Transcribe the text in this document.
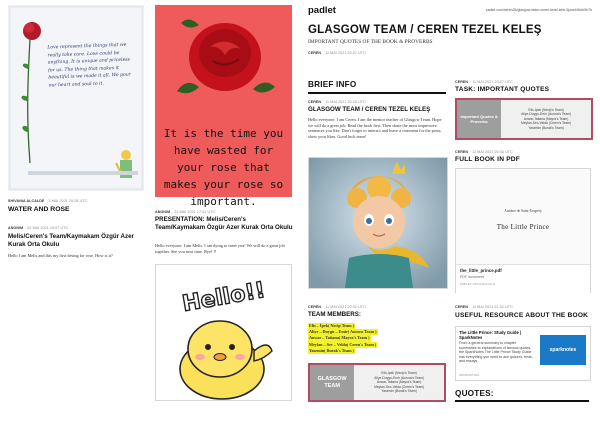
padlet	padlet.com/ceren25/glasgow-team-ceren-tezel-kele-5pzw4f4tzh5h7b
GLASGOW TEAM / CEREN TEZEL KELEŞ
IMPORTANT QUOTES OF THE BOOK & PROVERBS
CEREN 11 MAI 2021 20:27 UTC
Love represent the things that we really take care. Love could be anything. It is unique and priceless for us. The thing that makes it beautiful is we made it all. We pour our heart and soul to it.
SHIVANIA ALCALDE 3 MAI 2021 20:28 UTC
WATER AND ROSE
ANONIM 22 MAI 2021 19:07 UTC
Melis/Ceren's Team/Kaymakam Özgür Azer Kurak Orta Okulu
Hello I am Melis and this my first desing for rose. How is it?
It is the time you have wasted for your rose that makes your rose so important.
ANONIM 22 MAI 2021 17:41 UTC
PRESENTATION: Melis/Ceren's Team/Kaymakam Özgür Azer Kurak Orta Okulu
Hello everyone. I am Melis. I am dying to meet you! We will do a great job together. See you next time. Bye! !!
Hello!!
BRIEF INFO
CEREN 11 MAI 2021 20:28 UTC
GLASGOW TEAM / CEREN TEZEL KELEŞ
Hello everyone. I am Ceren. I am the mentor teacher of Glasgow Team. Hope we will do a great job. Read the book first. Then share the most impressive sentences you like. Don't forget to interact and leave a comment for the posts, show your likes. Good luck team!
CEREN 11 MAI 2021 20:31 UTC
TEAM MEMBERS:
Elis – İpek( Necip Team )
Aliye – Duygu – Emir( Aurora Team )
Anwar – Tatiana( Mayra's Team )
Meylan – Sec – Velda( Ceren's Team )
Yasemin( Burak's Team )
GLASGOW TEAM
Elis-İpek (Necip's Team)
Aliye-Duygu-Emir (Aurora's Team)
Anwar-Tatiana (Mayra's Team)
Meylan-Sec-Velda (Ceren's Team)
Yasemin (Burak's Team)
CEREN 11 MAI 2021 20:27 UTC
TASK: IMPORTANT QUOTES
Important Quotes & Proverbs
Elis-İpek (Necip's Team)
Aliye-Duygu-Emir (Aurora's Team)
Anwar-Tatiana (Mayra's Team)
Meylan-Sec-Velda (Ceren's Team)
Yasemin (Burak's Team)
CEREN 11 MAI 2021 20:34 UTC
FULL BOOK IN PDF
Antoine de Saint-Exupéry
The Little Prince
the_little_prince.pdf
PDF document
PADLET-UPLOADS-FILE
CEREN 11 MAI 2021 21:32 UTC
USEFUL RESOURCE ABOUT THE BOOK
The Little Prince: Study Guide | SparkNotes
From a general summary to chapter summaries to explanations of famous quotes, the SparkNotes The Little Prince Study Guide has everything you need to ace quizzes, tests, and essays.
SPARKNOTES
sparknotes
QUOTES:
